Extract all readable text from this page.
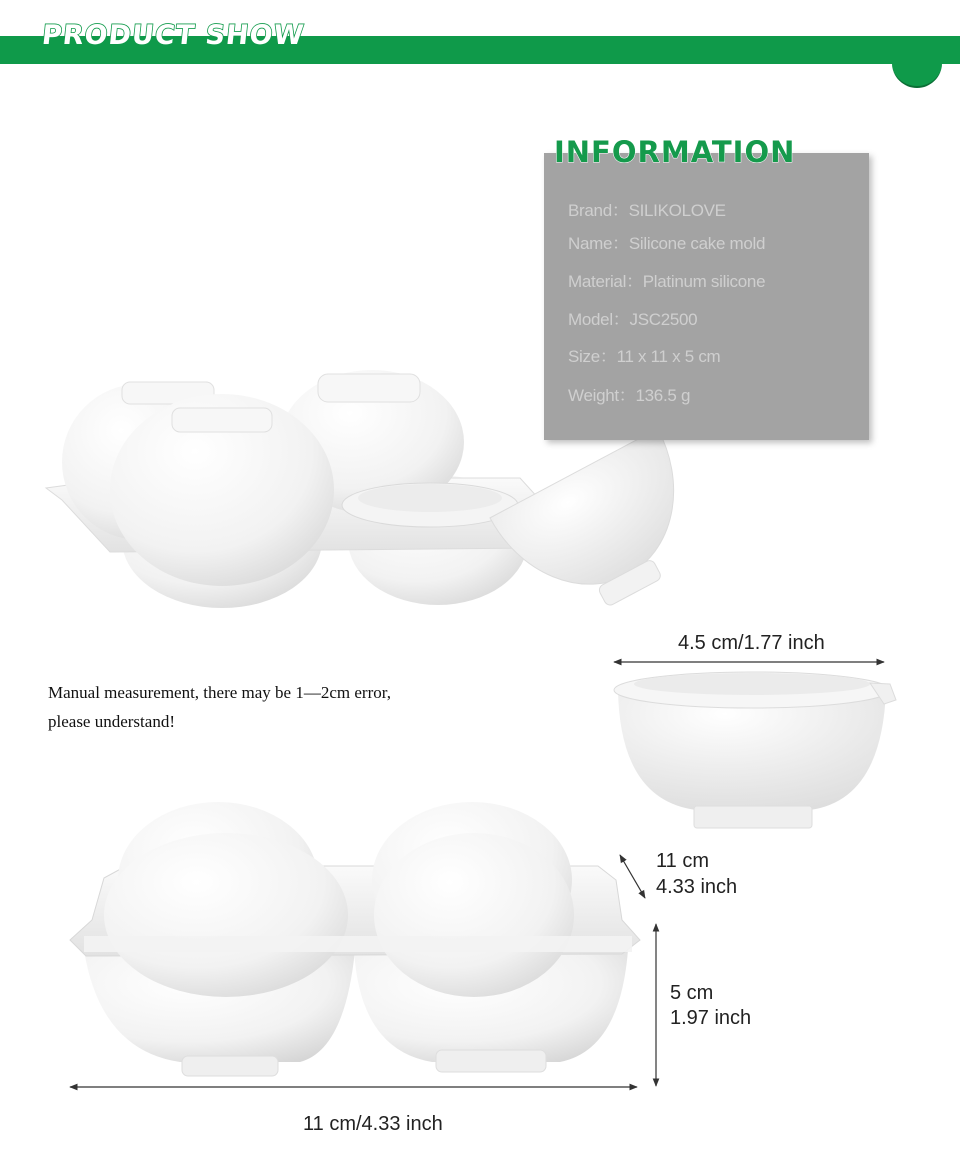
PRODUCT SHOW
INFORMATION
Brand：SILIKOLOVE
Name：Silicone cake mold
Material：Platinum silicone
Model：JSC2500
Size：11 x 11 x 5 cm
Weight：136.5 g
Manual measurement, there may be 1—2cm error,
please understand!
4.5 cm/1.77 inch
11 cm
4.33 inch
5 cm
1.97 inch
11 cm/4.33 inch
